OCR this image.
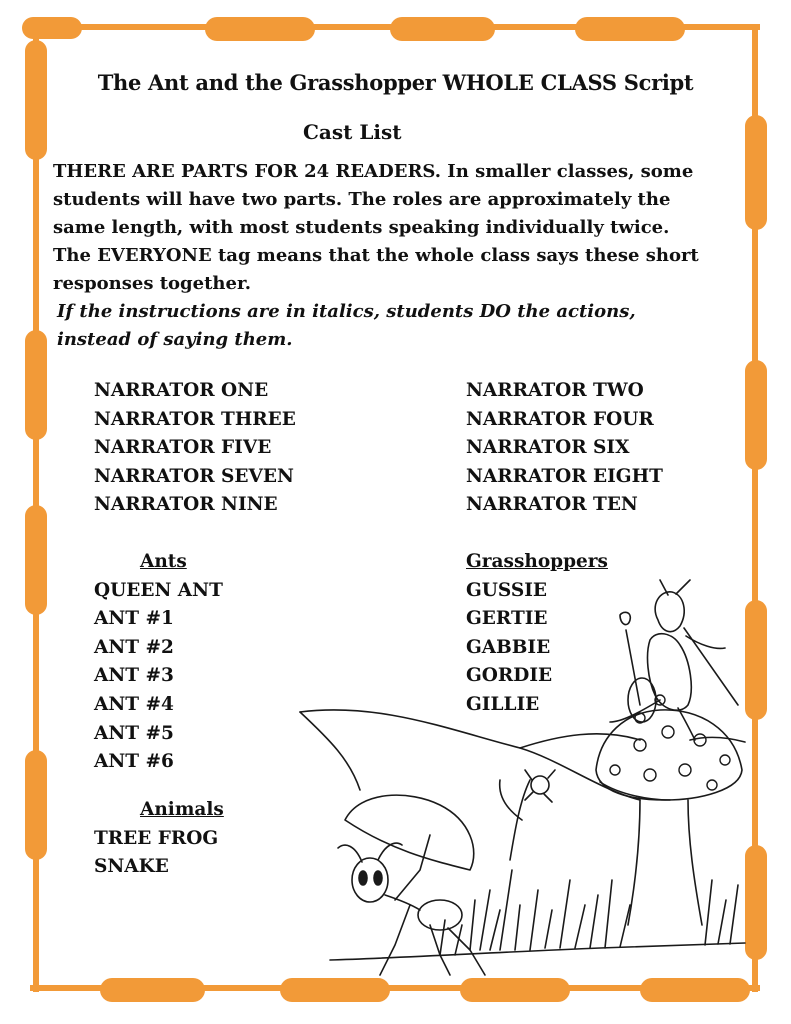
The Ant and the Grasshopper WHOLE CLASS Script
Cast List

THERE ARE PARTS FOR 24 READERS. In smaller classes, some students will have two parts. The roles are approximately the same length, with most students speaking individually twice.

The EVERYONE tag means that the whole class says these short responses together.

If the instructions are in italics, students DO the actions, instead of saying them.

NARRATOR ONE
NARRATOR THREE
NARRATOR FIVE
NARRATOR SEVEN
NARRATOR NINE
NARRATOR TWO
NARRATOR FOUR
NARRATOR SIX
NARRATOR EIGHT
NARRATOR TEN
Ants
QUEEN ANT
ANT #1
ANT #2
ANT #3
ANT #4
ANT #5
ANT #6
Grasshoppers
GUSSIE
GERTIE
GABBIE
GORDIE
GILLIE
Animals
TREE FROG
SNAKE
